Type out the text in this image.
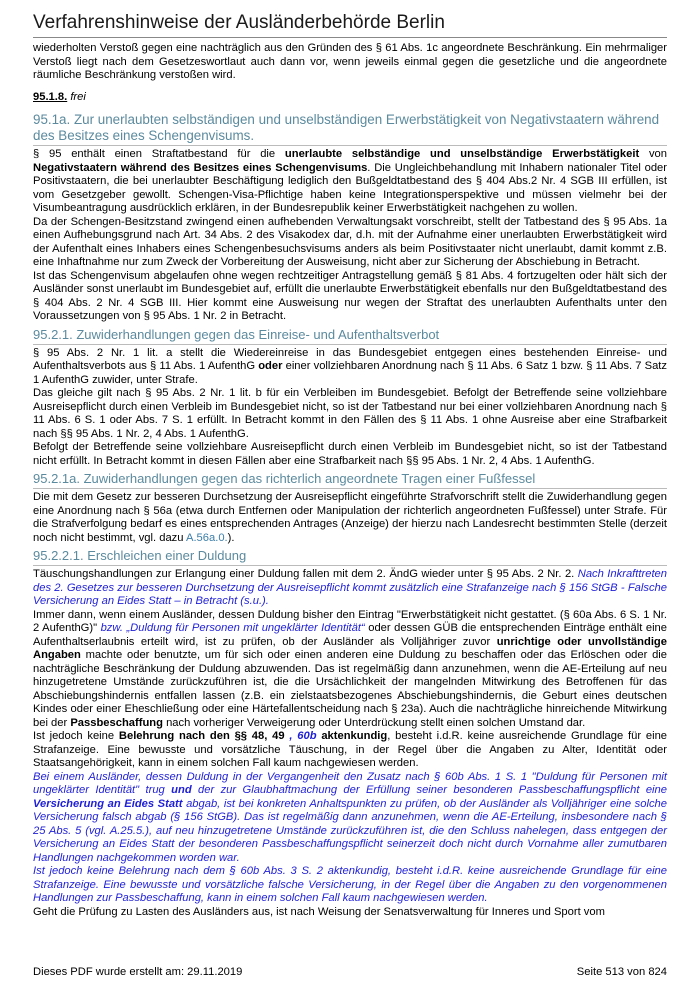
Verfahrenshinweise der Ausländerbehörde Berlin

wiederholten Verstoß gegen eine nachträglich aus den Gründen des § 61 Abs. 1c angeordnete Beschränkung. Ein mehrmaliger Verstoß liegt nach dem Gesetzeswortlaut auch dann vor, wenn jeweils einmal gegen die gesetzliche und die angeordnete räumliche Beschränkung verstoßen wird.

95.1.8. frei

95.1a. Zur unerlaubten selbständigen und unselbständigen Erwerbstätigkeit von Negativstaatern während des Besitzes eines Schengenvisums.

§ 95 enthält einen Straftatbestand für die unerlaubte selbständige und unselbständige Erwerbstätigkeit von Negativstaatern während des Besitzes eines Schengenvisums. Die Ungleichbehandlung mit Inhabern nationaler Titel oder Positivstaatern, die bei unerlaubter Beschäftigung lediglich den Bußgeldtatbestand des § 404 Abs.2 Nr. 4 SGB III erfüllen, ist vom Gesetzgeber gewollt. Schengen-Visa-Pflichtige haben keine Integrationsperspektive und müssen vielmehr bei der Visumbeantragung ausdrücklich erklären, in der Bundesrepublik keiner Erwerbstätigkeit nachgehen zu wollen.

Da der Schengen-Besitzstand zwingend einen aufhebenden Verwaltungsakt vorschreibt, stellt der Tatbestand des § 95 Abs. 1a einen Aufhebungsgrund nach Art. 34 Abs. 2 des Visakodex dar, d.h. mit der Aufnahme einer unerlaubten Erwerbstätigkeit wird der Aufenthalt eines Inhabers eines Schengenbesuchsvisums anders als beim Positivstaater nicht unerlaubt, damit kommt z.B. eine Inhaftnahme nur zum Zweck der Vorbereitung der Ausweisung, nicht aber zur Sicherung der Abschiebung in Betracht.

Ist das Schengenvisum abgelaufen ohne wegen rechtzeitiger Antragstellung gemäß § 81 Abs. 4 fortzugelten oder hält sich der Ausländer sonst unerlaubt im Bundesgebiet auf, erfüllt die unerlaubte Erwerbstätigkeit ebenfalls nur den Bußgeldtatbestand des § 404 Abs. 2 Nr. 4 SGB III. Hier kommt eine Ausweisung nur wegen der Straftat des unerlaubten Aufenthalts unter den Voraussetzungen von § 95 Abs. 1 Nr. 2 in Betracht.

95.2.1. Zuwiderhandlungen gegen das Einreise- und Aufenthaltsverbot

§ 95 Abs. 2 Nr. 1 lit. a stellt die Wiedereinreise in das Bundesgebiet entgegen eines bestehenden Einreise- und Aufenthaltsverbots aus § 11 Abs. 1 AufenthG oder einer vollziehbaren Anordnung nach § 11 Abs. 6 Satz 1 bzw. § 11 Abs. 7 Satz 1 AufenthG zuwider, unter Strafe.

Das gleiche gilt nach § 95 Abs. 2 Nr. 1 lit. b für ein Verbleiben im Bundesgebiet. Befolgt der Betreffende seine vollziehbare Ausreisepflicht durch einen Verbleib im Bundesgebiet nicht, so ist der Tatbestand nur bei einer vollziehbaren Anordnung nach § 11 Abs. 6 S. 1 oder Abs. 7 S. 1 erfüllt. In Betracht kommt in den Fällen des § 11 Abs. 1 ohne Ausreise aber eine Strafbarkeit nach §§ 95 Abs. 1 Nr. 2, 4 Abs. 1 AufenthG.

Befolgt der Betreffende seine vollziehbare Ausreisepflicht durch einen Verbleib im Bundesgebiet nicht, so ist der Tatbestand nicht erfüllt. In Betracht kommt in diesen Fällen aber eine Strafbarkeit nach §§ 95 Abs. 1 Nr. 2, 4 Abs. 1 AufenthG.

95.2.1a. Zuwiderhandlungen gegen das richterlich angeordnete Tragen einer Fußfessel

Die mit dem Gesetz zur besseren Durchsetzung der Ausreisepflicht eingeführte Strafvorschrift stellt die Zuwiderhandlung gegen eine Anordnung nach § 56a (etwa durch Entfernen oder Manipulation der richterlich angeordneten Fußfessel) unter Strafe. Für die Strafverfolgung bedarf es eines entsprechenden Antrages (Anzeige) der hierzu nach Landesrecht bestimmten Stelle (derzeit noch nicht bestimmt, vgl. dazu A.56a.0.).

95.2.2.1. Erschleichen einer Duldung

Täuschungshandlungen zur Erlangung einer Duldung fallen mit dem 2. ÄndG wieder unter § 95 Abs. 2 Nr. 2. Nach Inkrafttreten des 2. Gesetzes zur besseren Durchsetzung der Ausreisepflicht kommt zusätzlich eine Strafanzeige nach § 156 StGB - Falsche Versicherung an Eides Statt – in Betracht (s.u.).

Immer dann, wenn einem Ausländer, dessen Duldung bisher den Eintrag "Erwerbstätigkeit nicht gestattet. (§ 60a Abs. 6 S. 1 Nr. 2 AufenthG)" bzw. „Duldung für Personen mit ungeklärter Identität“ oder dessen GÜB die entsprechenden Einträge enthält eine Aufenthaltserlaubnis erteilt wird, ist zu prüfen, ob der Ausländer als Volljähriger zuvor unrichtige oder unvollständige Angaben machte oder benutzte, um für sich oder einen anderen eine Duldung zu beschaffen oder das Erlöschen oder die nachträgliche Beschränkung der Duldung abzuwenden. Das ist regelmäßig dann anzunehmen, wenn die AE-Erteilung auf neu hinzugetretene Umstände zurückzuführen ist, die die Ursächlichkeit der mangelnden Mitwirkung des Betroffenen für das Abschiebungshindernis entfallen lassen (z.B. ein zielstaatsbezogenes Abschiebungshindernis, die Geburt eines deutschen Kindes oder einer Eheschließung oder eine Härtefallentscheidung nach § 23a). Auch die nachträgliche hinreichende Mitwirkung bei der Passbeschaffung nach vorheriger Verweigerung oder Unterdrückung stellt einen solchen Umstand dar.

Ist jedoch keine Belehrung nach den §§ 48, 49 , 60b aktenkundig, besteht i.d.R. keine ausreichende Grundlage für eine Strafanzeige. Eine bewusste und vorsätzliche Täuschung, in der Regel über die Angaben zu Alter, Identität oder Staatsangehörigkeit, kann in einem solchen Fall kaum nachgewiesen werden.

Bei einem Ausländer, dessen Duldung in der Vergangenheit den Zusatz nach § 60b Abs. 1 S. 1 "Duldung für Personen mit ungeklärter Identität" trug und der zur Glaubhaftmachung der Erfüllung seiner besonderen Passbeschaffungspflicht eine Versicherung an Eides Statt abgab, ist bei konkreten Anhaltspunkten zu prüfen, ob der Ausländer als Volljähriger eine solche Versicherung falsch abgab (§ 156 StGB). Das ist regelmäßig dann anzunehmen, wenn die AE-Erteilung, insbesondere nach § 25 Abs. 5 (vgl. A.25.5.), auf neu hinzugetretene Umstände zurückzuführen ist, die den Schluss nahelegen, dass entgegen der Versicherung an Eides Statt der besonderen Passbeschaffungspflicht seinerzeit doch nicht durch Vornahme aller zumutbaren Handlungen nachgekommen worden war.

Ist jedoch keine Belehrung nach dem § 60b Abs. 3 S. 2 aktenkundig, besteht i.d.R. keine ausreichende Grundlage für eine Strafanzeige. Eine bewusste und vorsätzliche falsche Versicherung, in der Regel über die Angaben zu den vorgenommenen Handlungen zur Passbeschaffung, kann in einem solchen Fall kaum nachgewiesen werden.

Geht die Prüfung zu Lasten des Ausländers aus, ist nach Weisung der Senatsverwaltung für Inneres und Sport vom

Dieses PDF wurde erstellt am: 29.11.2019	Seite 513 von 824
